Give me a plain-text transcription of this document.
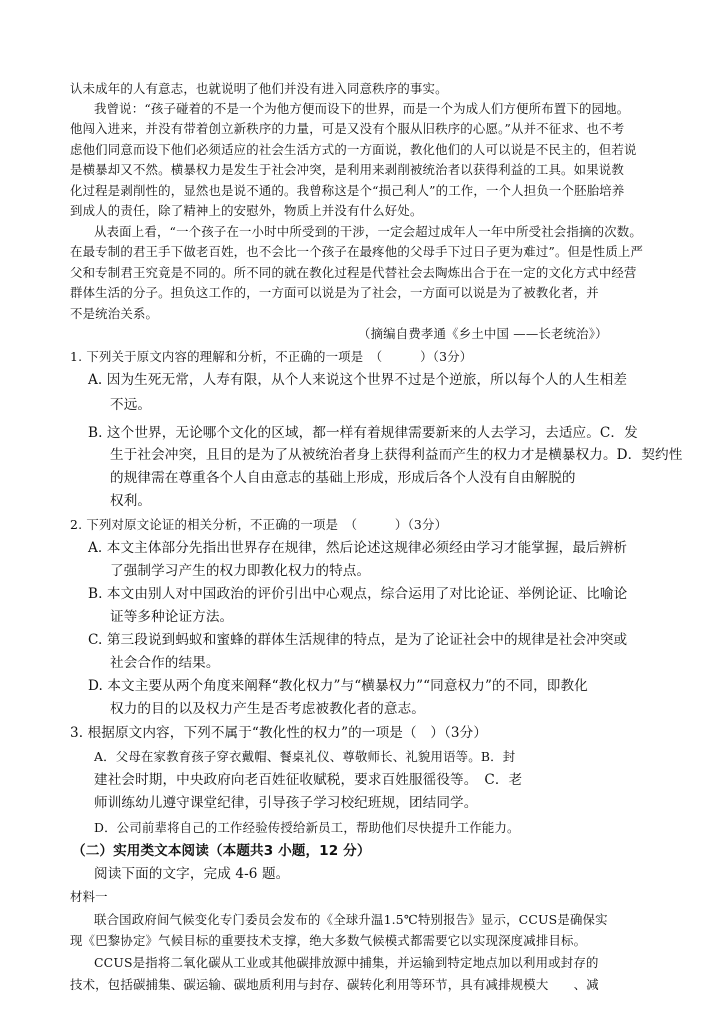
认未成年的人有意志，也就说明了他们并没有进入同意秩序的事实。
我曾说：“孩子碰着的不是一个为他方便而设下的世界，而是一个为成人们方便所布置下的园地。
他闯入进来，并没有带着创立新秩序的力量，可是又没有个服从旧秩序的心愿。”从并不征求、也不考
虑他们同意而设下他们必须适应的社会生活方式的一方面说，教化他们的人可以说是不民主的，但若说
是横暴却又不然。横暴权力是发生于社会冲突，是利用来剥削被统治者以获得利益的工具。如果说教
化过程是剥削性的，显然也是说不通的。我曾称这是个“损己利人”的工作，一个人担负一个胚胎培养
到成人的责任，除了精神上的安慰外，物质上并没有什么好处。
从表面上看，“一个孩子在一小时中所受到的干涉，一定会超过成年人一年中所受社会指摘的次数。
在最专制的君王手下做老百姓，也不会比一个孩子在最疼他的父母手下过日子更为难过”。但是性质上严
父和专制君王究竟是不同的。所不同的就在教化过程是代替社会去陶炼出合于在一定的文化方式中经营
群体生活的分子。担负这工作的，一方面可以说是为了社会，一方面可以说是为了被教化者，并
不是统治关系。
（摘编自费孝通《乡土中国 ——长老统治》）
1. 下列关于原文内容的理解和分析，不正确的一项是　（　　　）（3分）
A. 因为生死无常，人寿有限，从个人来说这个世界不过是个逆旅，所以每个人的人生相差
不远。
B. 这个世界，无论哪个文化的区域，都一样有着规律需要新来的人去学习，去适应。C．发
生于社会冲突，且目的是为了从被统治者身上获得利益而产生的权力才是横暴权力。D．契约性
的规律需在尊重各个人自由意志的基础上形成，形成后各个人没有自由解脱的
权利。
2. 下列对原文论证的相关分析，不正确的一项是　（　　　）（3分）
A. 本文主体部分先指出世界存在规律，然后论述这规律必须经由学习才能掌握，最后辨析
了强制学习产生的权力即教化权力的特点。
B. 本文由别人对中国政治的评价引出中心观点，综合运用了对比论证、举例论证、比喻论
证等多种论证方法。
C. 第三段说到蚂蚁和蜜蜂的群体生活规律的特点，是为了论证社会中的规律是社会冲突或
社会合作的结果。
D. 本文主要从两个角度来阐释“教化权力”与“横暴权力”“同意权力”的不同，即教化
权力的目的以及权力产生是否考虑被教化者的意志。
3. 根据原文内容，下列不属于“教化性的权力”的一项是（　）（3分）
A．父母在家教育孩子穿衣戴帽、餐桌礼仪、尊敬师长、礼貌用语等。B．封
建社会时期，中央政府向老百姓征收赋税，要求百姓服徭役等。　C．老
师训练幼儿遵守课堂纪律，引导孩子学习校纪班规，团结同学。
D．公司前辈将自己的工作经验传授给新员工，帮助他们尽快提升工作能力。
（二）实用类文本阅读（本题共3 小题，12 分）
阅读下面的文字，完成 4-6 题。
材料一
联合国政府间气候变化专门委员会发布的《全球升温1.5℃特别报告》显示，CCUS是确保实
现《巴黎协定》气候目标的重要技术支撑，绝大多数气候模式都需要它以实现深度减排目标。
CCUS是指将二氧化碳从工业或其他碳排放源中捕集，并运输到特定地点加以利用或封存的
技术，包括碳捕集、碳运输、碳地质利用与封存、碳转化利用等环节，具有减排规模大　　、减
